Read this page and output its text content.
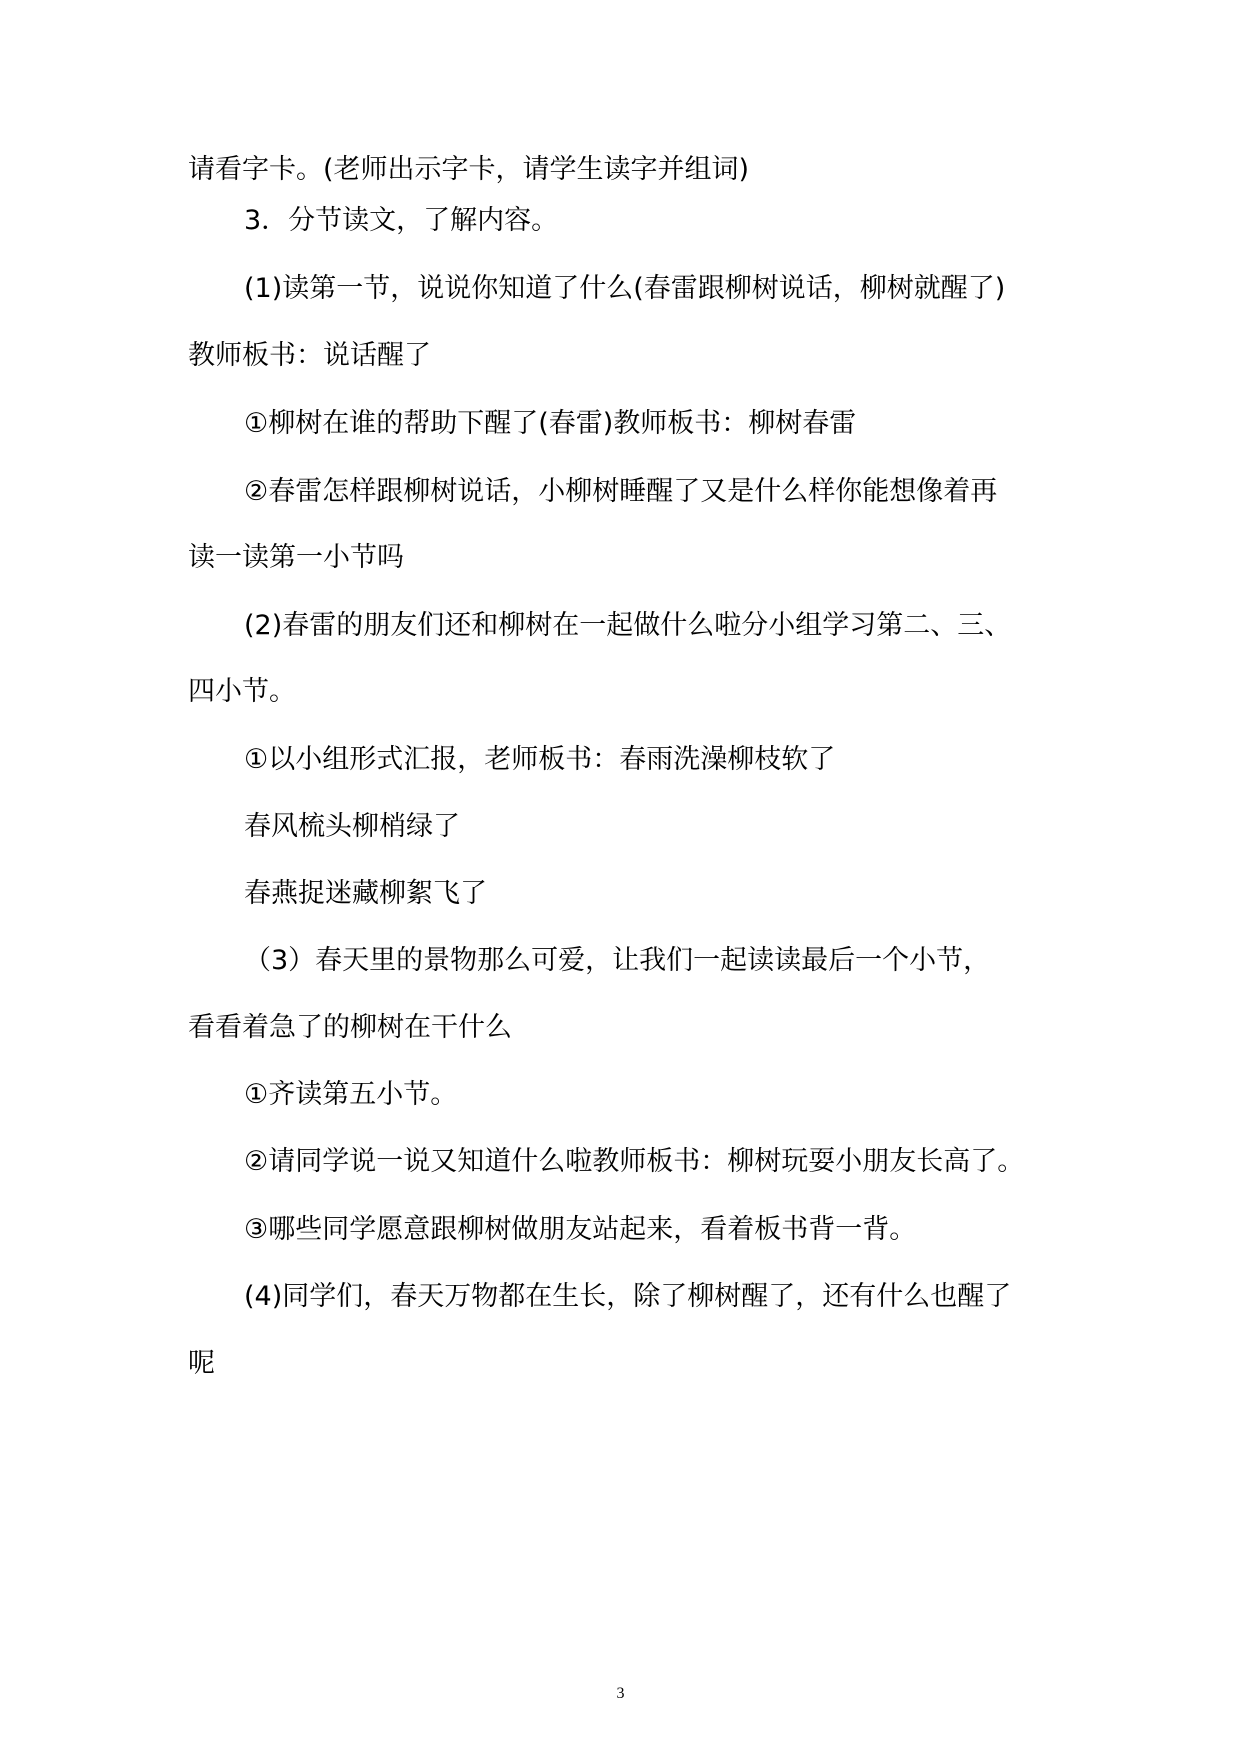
请看字卡。(老师出示字卡，请学生读字并组词)
3．分节读文，了解内容。
(1)读第一节，说说你知道了什么(春雷跟柳树说话，柳树就醒了)
教师板书：说话醒了
①柳树在谁的帮助下醒了(春雷)教师板书：柳树春雷
②春雷怎样跟柳树说话，小柳树睡醒了又是什么样你能想像着再
读一读第一小节吗
(2)春雷的朋友们还和柳树在一起做什么啦分小组学习第二、三、
四小节。
①以小组形式汇报，老师板书：春雨洗澡柳枝软了
春风梳头柳梢绿了
春燕捉迷藏柳絮飞了
（3）春天里的景物那么可爱，让我们一起读读最后一个小节，
看看着急了的柳树在干什么
①齐读第五小节。
②请同学说一说又知道什么啦教师板书：柳树玩耍小朋友长高了。
③哪些同学愿意跟柳树做朋友站起来，看着板书背一背。
(4)同学们，春天万物都在生长，除了柳树醒了，还有什么也醒了
呢
3
